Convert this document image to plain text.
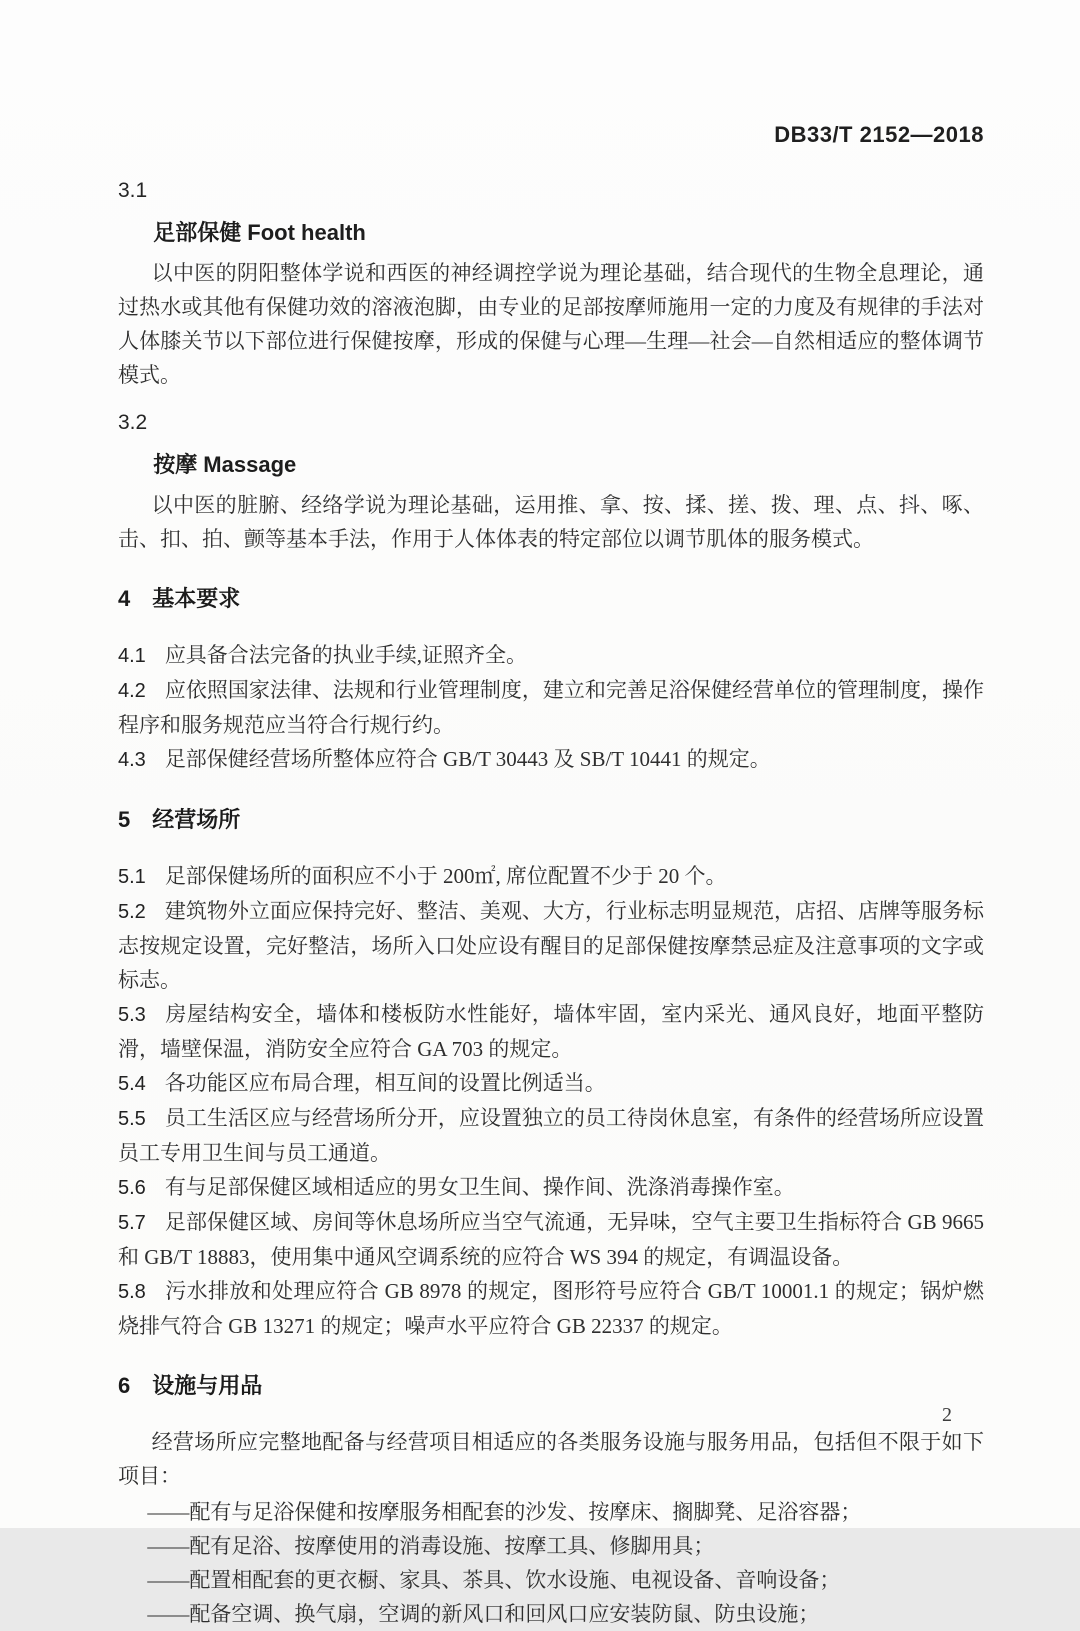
DB33/T 2152—2018

3.1

足部保健 Foot health

以中医的阴阳整体学说和西医的神经调控学说为理论基础，结合现代的生物全息理论，通过热水或其他有保健功效的溶液泡脚，由专业的足部按摩师施用一定的力度及有规律的手法对人体膝关节以下部位进行保健按摩，形成的保健与心理—生理—社会—自然相适应的整体调节模式。

3.2

按摩 Massage

以中医的脏腑、经络学说为理论基础，运用推、拿、按、揉、搓、拨、理、点、抖、啄、击、扣、拍、颤等基本手法，作用于人体体表的特定部位以调节肌体的服务模式。

4 基本要求

4.1 应具备合法完备的执业手续,证照齐全。

4.2 应依照国家法律、法规和行业管理制度，建立和完善足浴保健经营单位的管理制度，操作程序和服务规范应当符合行规行约。

4.3 足部保健经营场所整体应符合 GB/T 30443 及 SB/T 10441 的规定。

5 经营场所

5.1 足部保健场所的面积应不小于 200㎡, 席位配置不少于 20 个。

5.2 建筑物外立面应保持完好、整洁、美观、大方，行业标志明显规范，店招、店牌等服务标志按规定设置，完好整洁，场所入口处应设有醒目的足部保健按摩禁忌症及注意事项的文字或标志。

5.3 房屋结构安全，墙体和楼板防水性能好，墙体牢固，室内采光、通风良好，地面平整防滑，墙壁保温，消防安全应符合 GA 703 的规定。

5.4 各功能区应布局合理，相互间的设置比例适当。

5.5 员工生活区应与经营场所分开，应设置独立的员工待岗休息室，有条件的经营场所应设置员工专用卫生间与员工通道。

5.6 有与足部保健区域相适应的男女卫生间、操作间、洗涤消毒操作室。

5.7 足部保健区域、房间等休息场所应当空气流通，无异味，空气主要卫生指标符合 GB 9665 和 GB/T 18883，使用集中通风空调系统的应符合 WS 394 的规定，有调温设备。

5.8 污水排放和处理应符合 GB 8978 的规定，图形符号应符合 GB/T 10001.1 的规定；锅炉燃烧排气符合 GB 13271 的规定；噪声水平应符合 GB 22337 的规定。

6 设施与用品

经营场所应完整地配备与经营项目相适应的各类服务设施与服务用品，包括但不限于如下项目：

——配有与足浴保健和按摩服务相配套的沙发、按摩床、搁脚凳、足浴容器；

——配有足浴、按摩使用的消毒设施、按摩工具、修脚用具；

——配置相配套的更衣橱、家具、茶具、饮水设施、电视设备、音响设备；

——配备空调、换气扇，空调的新风口和回风口应安装防鼠、防虫设施；

2
